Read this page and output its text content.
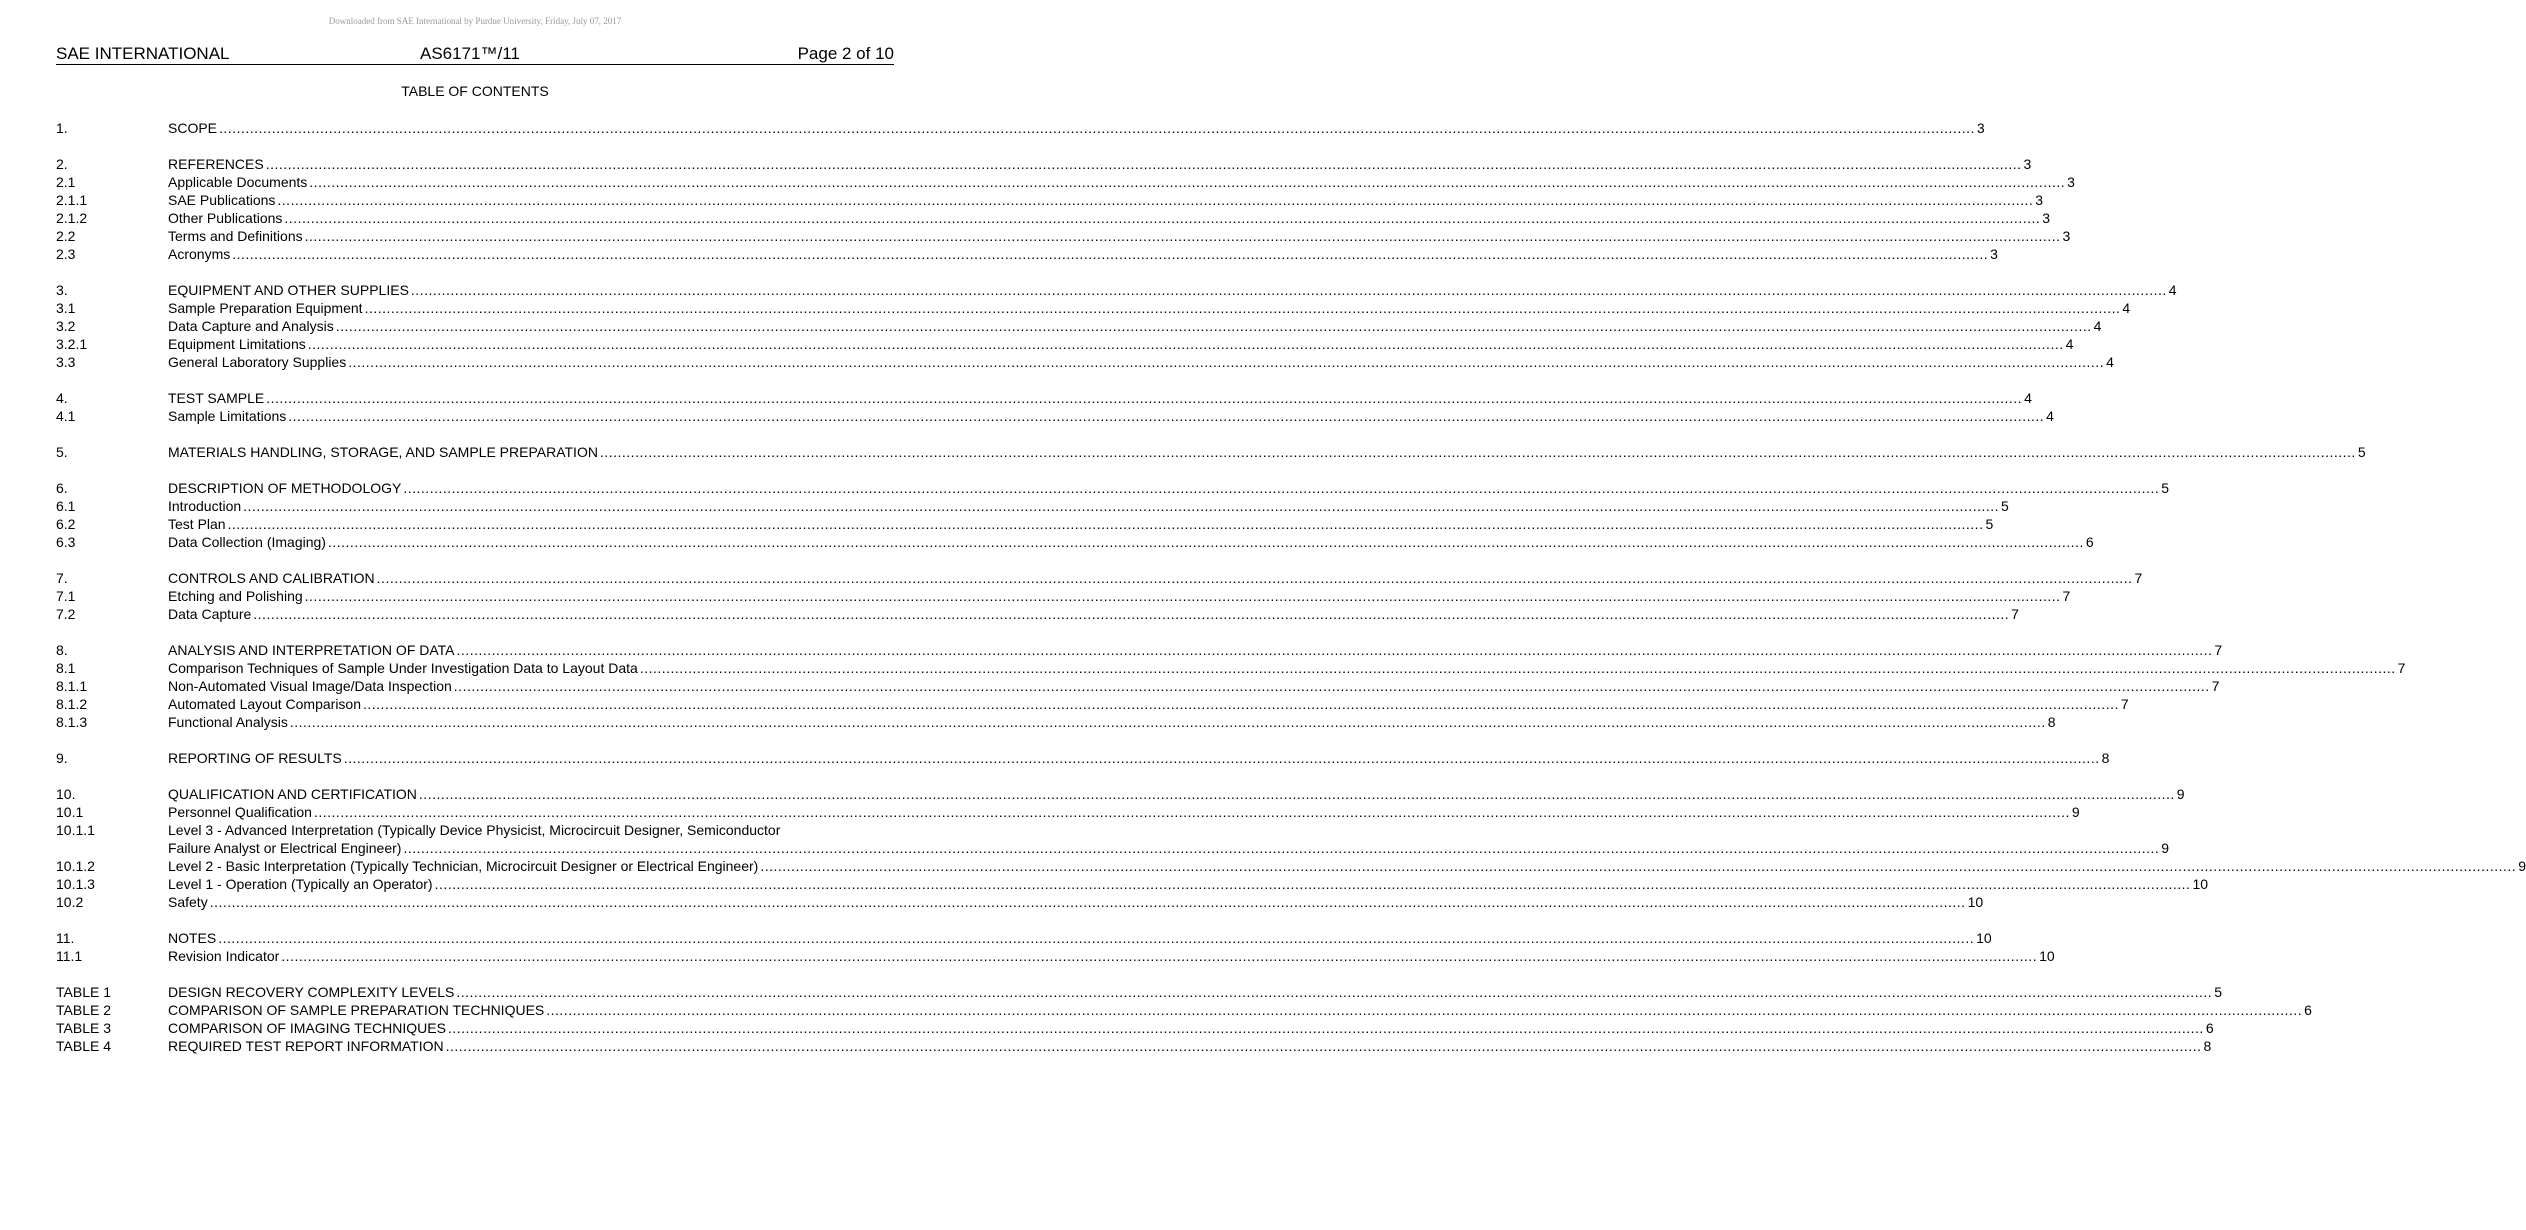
Downloaded from SAE International by Purdue University, Friday, July 07, 2017
SAE INTERNATIONAL	AS6171™/11	Page 2 of 10
TABLE OF CONTENTS
1.	SCOPE ................................................................................................................................................................................................................................................................................................................................................................................................................ 3
2.	REFERENCES ................................................................................................................................................................................................................................................................................................................................................................................................................ 3
2.1	Applicable Documents ................................................................................................................................................................................................................................................................................................................................................................................................................ 3
2.1.1	SAE Publications ................................................................................................................................................................................................................................................................................................................................................................................................................ 3
2.1.2	Other Publications ................................................................................................................................................................................................................................................................................................................................................................................................................ 3
2.2	Terms and Definitions ................................................................................................................................................................................................................................................................................................................................................................................................................ 3
2.3	Acronyms ................................................................................................................................................................................................................................................................................................................................................................................................................ 3
3.	EQUIPMENT AND OTHER SUPPLIES ................................................................................................................................................................................................................................................................................................................................................................................................................ 4
3.1	Sample Preparation Equipment ................................................................................................................................................................................................................................................................................................................................................................................................................ 4
3.2	Data Capture and Analysis ................................................................................................................................................................................................................................................................................................................................................................................................................ 4
3.2.1	Equipment Limitations ................................................................................................................................................................................................................................................................................................................................................................................................................ 4
3.3	General Laboratory Supplies ................................................................................................................................................................................................................................................................................................................................................................................................................ 4
4.	TEST SAMPLE ................................................................................................................................................................................................................................................................................................................................................................................................................ 4
4.1	Sample Limitations ................................................................................................................................................................................................................................................................................................................................................................................................................ 4
5.	MATERIALS HANDLING, STORAGE, AND SAMPLE PREPARATION ................................................................................................................................................................................................................................................................................................................................................................................................................ 5
6.	DESCRIPTION OF METHODOLOGY ................................................................................................................................................................................................................................................................................................................................................................................................................ 5
6.1	Introduction ................................................................................................................................................................................................................................................................................................................................................................................................................ 5
6.2	Test Plan ................................................................................................................................................................................................................................................................................................................................................................................................................ 5
6.3	Data Collection (Imaging) ................................................................................................................................................................................................................................................................................................................................................................................................................ 6
7.	CONTROLS AND CALIBRATION ................................................................................................................................................................................................................................................................................................................................................................................................................ 7
7.1	Etching and Polishing ................................................................................................................................................................................................................................................................................................................................................................................................................ 7
7.2	Data Capture ................................................................................................................................................................................................................................................................................................................................................................................................................ 7
8.	ANALYSIS AND INTERPRETATION OF DATA ................................................................................................................................................................................................................................................................................................................................................................................................................ 7
8.1	Comparison Techniques of Sample Under Investigation Data to Layout Data ................................................................................................................................................................................................................................................................................................................................................................................................................ 7
8.1.1	Non-Automated Visual Image/Data Inspection ................................................................................................................................................................................................................................................................................................................................................................................................................ 7
8.1.2	Automated Layout Comparison ................................................................................................................................................................................................................................................................................................................................................................................................................ 7
8.1.3	Functional Analysis ................................................................................................................................................................................................................................................................................................................................................................................................................ 8
9.	REPORTING OF RESULTS ................................................................................................................................................................................................................................................................................................................................................................................................................ 8
10.	QUALIFICATION AND CERTIFICATION ................................................................................................................................................................................................................................................................................................................................................................................................................ 9
10.1	Personnel Qualification ................................................................................................................................................................................................................................................................................................................................................................................................................ 9
10.1.1	Level 3 - Advanced Interpretation (Typically Device Physicist, Microcircuit Designer, Semiconductor
Failure Analyst or Electrical Engineer) ................................................................................................................................................................................................................................................................................................................................................................................................................ 9
10.1.2	Level 2 - Basic Interpretation (Typically Technician, Microcircuit Designer or Electrical Engineer) ................................................................................................................................................................................................................................................................................................................................................................................................................ 9
10.1.3	Level 1 - Operation (Typically an Operator) ................................................................................................................................................................................................................................................................................................................................................................................................................ 10
10.2	Safety ................................................................................................................................................................................................................................................................................................................................................................................................................ 10
11.	NOTES ................................................................................................................................................................................................................................................................................................................................................................................................................ 10
11.1	Revision Indicator ................................................................................................................................................................................................................................................................................................................................................................................................................ 10
TABLE 1	DESIGN RECOVERY COMPLEXITY LEVELS ................................................................................................................................................................................................................................................................................................................................................................................................................ 5
TABLE 2	COMPARISON OF SAMPLE PREPARATION TECHNIQUES ................................................................................................................................................................................................................................................................................................................................................................................................................ 6
TABLE 3	COMPARISON OF IMAGING TECHNIQUES ................................................................................................................................................................................................................................................................................................................................................................................................................ 6
TABLE 4	REQUIRED TEST REPORT INFORMATION ................................................................................................................................................................................................................................................................................................................................................................................................................ 8
